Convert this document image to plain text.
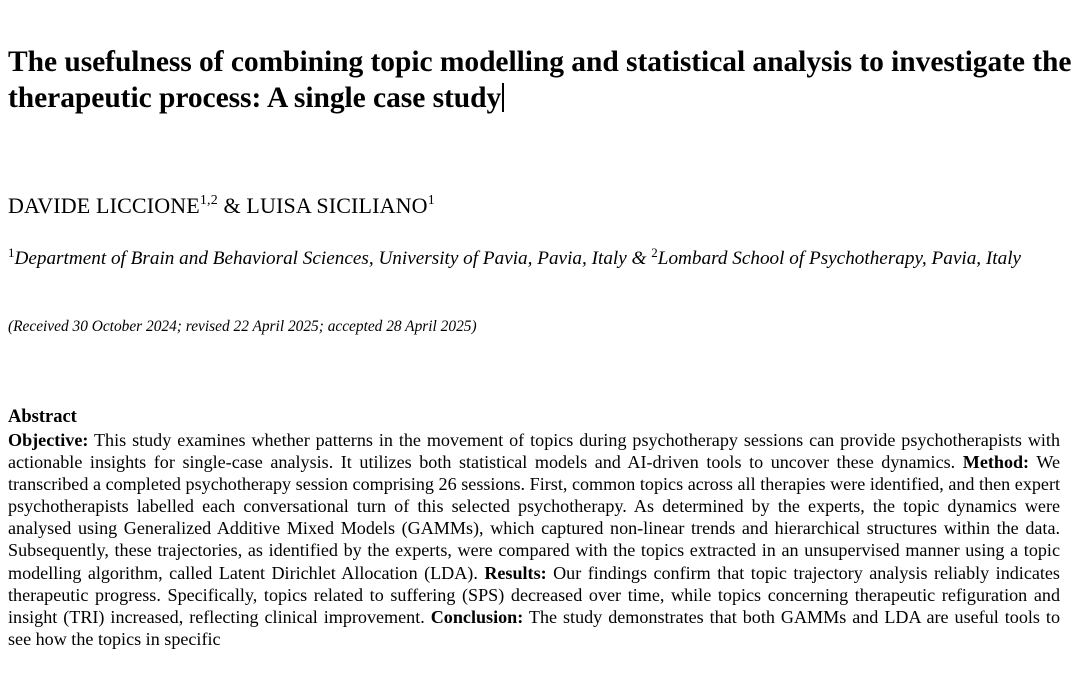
The usefulness of combining topic modelling and statistical analysis to investigate the therapeutic process: A single case study
DAVIDE LICCIONE$^{1,2}$ & LUISA SICILIANO$^1$
$^1$Department of Brain and Behavioral Sciences, University of Pavia, Pavia, Italy & $^2$Lombard School of Psychotherapy, Pavia, Italy
(Received 30 October 2024; revised 22 April 2025; accepted 28 April 2025)
Abstract
Objective: This study examines whether patterns in the movement of topics during psychotherapy sessions can provide psychotherapists with actionable insights for single-case analysis. It utilizes both statistical models and AI-driven tools to uncover these dynamics. Method: We transcribed a completed psychotherapy session comprising 26 sessions. First, common topics across all therapies were identified, and then expert psychotherapists labelled each conversational turn of this selected psychotherapy. As determined by the experts, the topic dynamics were analysed using Generalized Additive Mixed Models (GAMMs), which captured non-linear trends and hierarchical structures within the data. Subsequently, these trajectories, as identified by the experts, were compared with the topics extracted in an unsupervised manner using a topic modelling algorithm, called Latent Dirichlet Allocation (LDA). Results: Our findings confirm that topic trajectory analysis reliably indicates therapeutic progress. Specifically, topics related to suffering (SPS) decreased over time, while topics concerning therapeutic refiguration and insight (TRI) increased, reflecting clinical improvement. Conclusion: The study demonstrates that both GAMMs and LDA are useful tools to see how the topics in specific
